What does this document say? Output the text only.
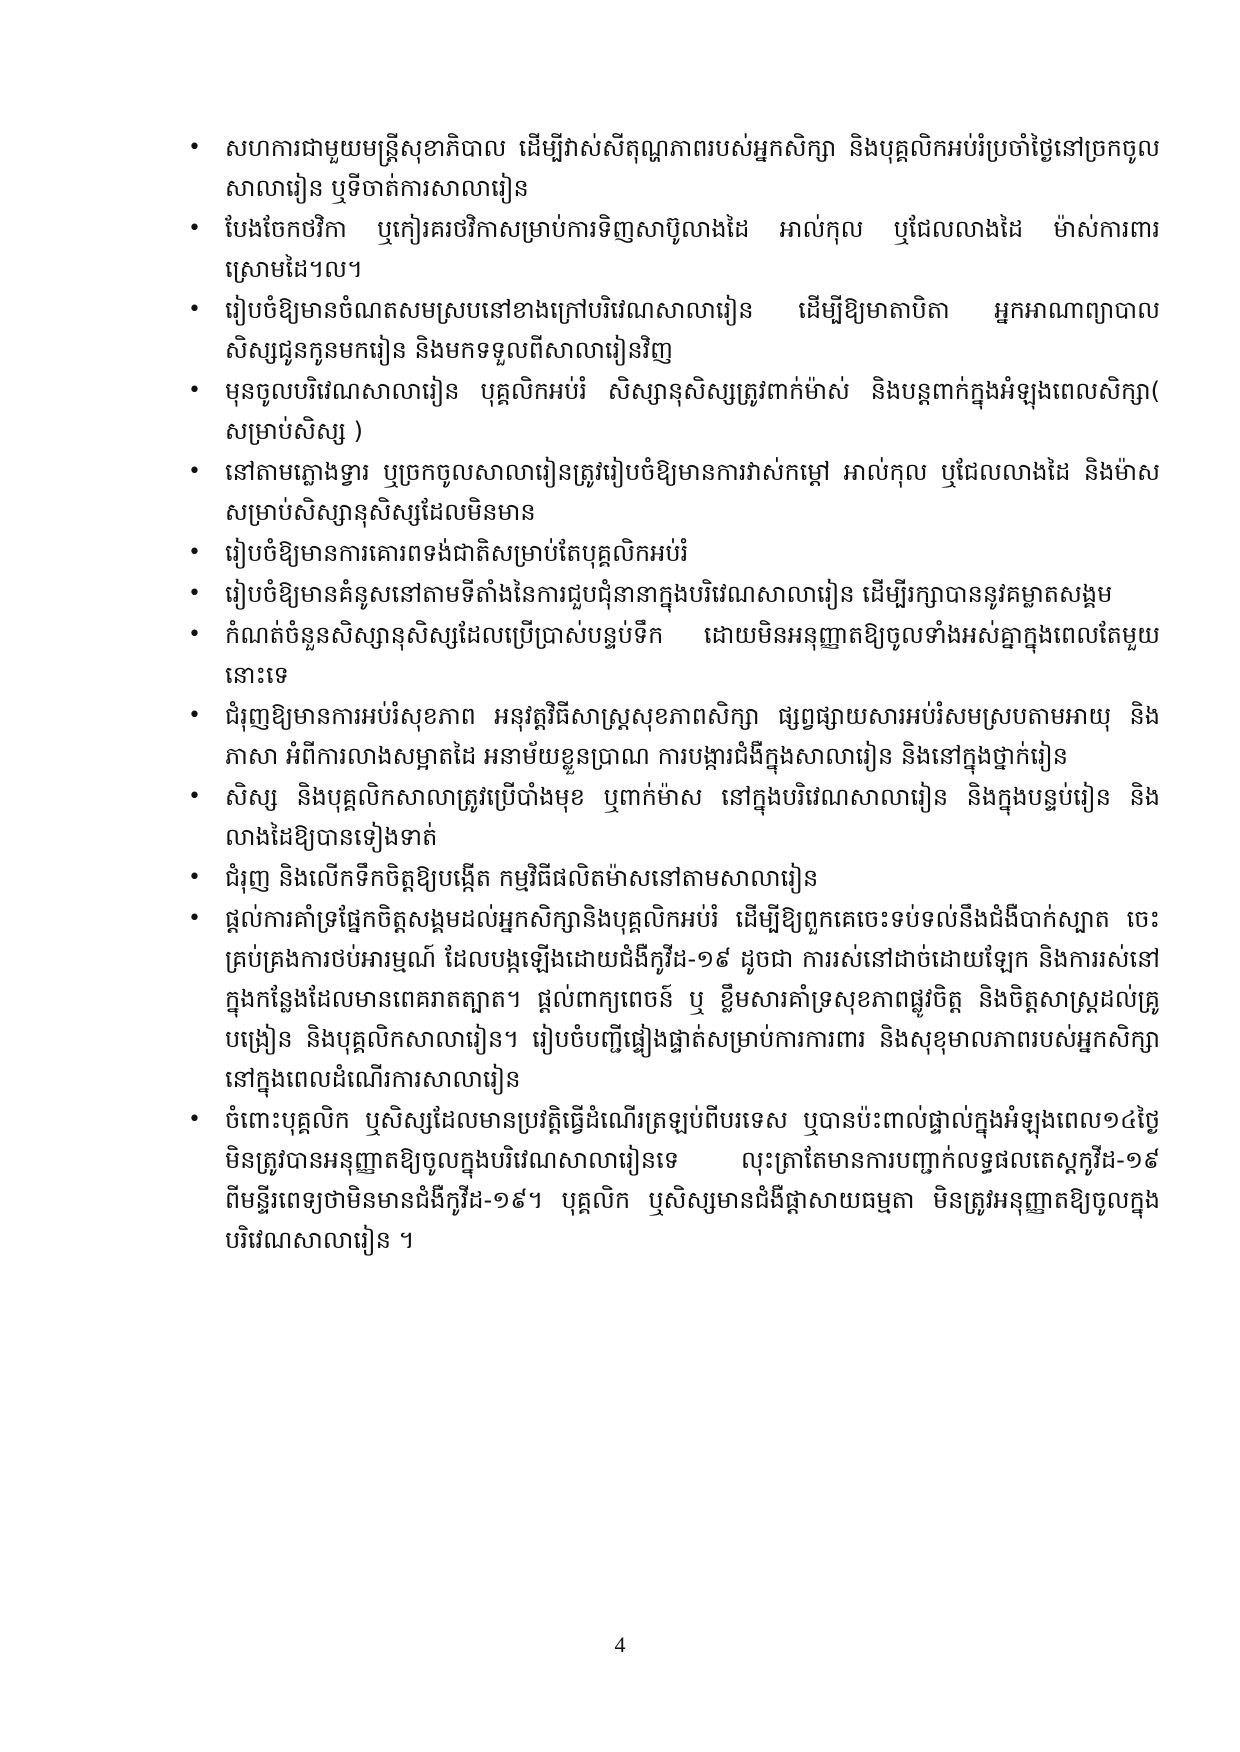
• សហការជាមួយមន្ត្រីសុខាភិបាល ដើម្បីវាស់សីតុណ្ហភាពរបស់អ្នកសិក្សា និងបុគ្គលិកអប់រំប្រចាំថ្ងៃនៅច្រកចូលសាលារៀន ឬទីចាត់ការសាលារៀន
• បែងចែកថវិកា ឬកៀរគរថវិកាសម្រាប់ការទិញសាប៊ូលាងដៃ អាល់កុល ឬជែលលាងដៃ ម៉ាស់ការពារស្រោមដៃ។ល។
• រៀបចំឱ្យមានចំណតសមស្របនៅខាងក្រៅបរិវេណសាលារៀន ដើម្បីឱ្យមាតាបិតា អ្នកអាណាព្យាបាលសិស្សជូនកូនមករៀន និងមកទទួលពីសាលារៀនវិញ
• មុនចូលបរិវេណសាលារៀន បុគ្គលិកអប់រំ សិស្សានុសិស្សត្រូវពាក់ម៉ាស់ និងបន្តពាក់ក្នុងអំឡុងពេលសិក្សា( សម្រាប់សិស្ស )
• នៅតាមភ្លោងទ្វារ ឬច្រកចូលសាលារៀនត្រូវរៀបចំឱ្យមានការវាស់កម្ដៅ អាល់កុល ឬជែលលាងដៃ និងម៉ាសសម្រាប់សិស្សានុសិស្សដែលមិនមាន
• រៀបចំឱ្យមានការគោរពទង់ជាតិសម្រាប់តែបុគ្គលិកអប់រំ
• រៀបចំឱ្យមានគំនូសនៅតាមទីតាំងនៃការជួបជុំនានាក្នុងបរិវេណសាលារៀន ដើម្បីរក្សាបាននូវគម្លាតសង្គម
• កំណត់ចំនួនសិស្សានុសិស្សដែលប្រើប្រាស់បន្ទប់ទឹក ដោយមិនអនុញ្ញាតឱ្យចូលទាំងអស់គ្នាក្នុងពេលតែមួយនោះទេ
• ជំរុញឱ្យមានការអប់រំសុខភាព អនុវត្តវិធីសាស្ត្រសុខភាពសិក្សា ផ្សព្វផ្សាយសារអប់រំសមស្របតាមអាយុ និងភាសា អំពីការលាងសម្អាតដៃ អនាម័យខ្លួនប្រាណ ការបង្ការជំងឺក្នុងសាលារៀន និងនៅក្នុងថ្នាក់រៀន
• សិស្ស និងបុគ្គលិកសាលាត្រូវប្រើបាំងមុខ ឬពាក់ម៉ាស នៅក្នុងបរិវេណសាលារៀន និងក្នុងបន្ទប់រៀន និងលាងដៃឱ្យបានទៀងទាត់
• ជំរុញ និងលើកទឹកចិត្តឱ្យបង្កើត កម្មវិធីផលិតម៉ាសនៅតាមសាលារៀន
• ផ្ដល់ការគាំទ្រផ្នែកចិត្តសង្គមដល់អ្នកសិក្សានិងបុគ្គលិកអប់រំ ដើម្បីឱ្យពួកគេចេះទប់ទល់នឹងជំងឺបាក់ស្បាត ចេះគ្រប់គ្រងការថប់អារម្មណ៍ ដែលបង្កឡើងដោយជំងឺកូវីដ-១៩ ដូចជា ការរស់នៅដាច់ដោយឡែក និងការរស់នៅក្នុងកន្លែងដែលមានពេគរាតត្បាត។ ផ្ដល់ពាក្យពេចន៍ ឬ ខ្លឹមសារគាំទ្រសុខភាពផ្លូវចិត្ត និងចិត្តសាស្ត្រដល់គ្រូបង្រៀន និងបុគ្គលិកសាលារៀន។ រៀបចំបញ្ជីផ្ទៀងផ្ទាត់សម្រាប់ការការពារ និងសុខុមាលភាពរបស់អ្នកសិក្សា នៅក្នុងពេលដំណើរការសាលារៀន
• ចំពោះបុគ្គលិក ឬសិស្សដែលមានប្រវត្តិធ្វើដំណើរត្រឡប់ពីបរទេស ឬបានប៉ះពាល់ផ្ទាល់ក្នុងអំឡុងពេល១៤ថ្ងៃ មិនត្រូវបានអនុញ្ញាតឱ្យចូលក្នុងបរិវេណសាលារៀនទេ លុះត្រាតែមានការបញ្ជាក់លទ្ធផលតេស្តកូវីដ-១៩ ពីមន្ទីរពេទ្យថាមិនមានជំងឺកូវីដ-១៩។ បុគ្គលិក ឬសិស្សមានជំងឺផ្ដាសាយធម្មតា មិនត្រូវអនុញ្ញាតឱ្យចូលក្នុងបរិវេណសាលារៀន ។
4
